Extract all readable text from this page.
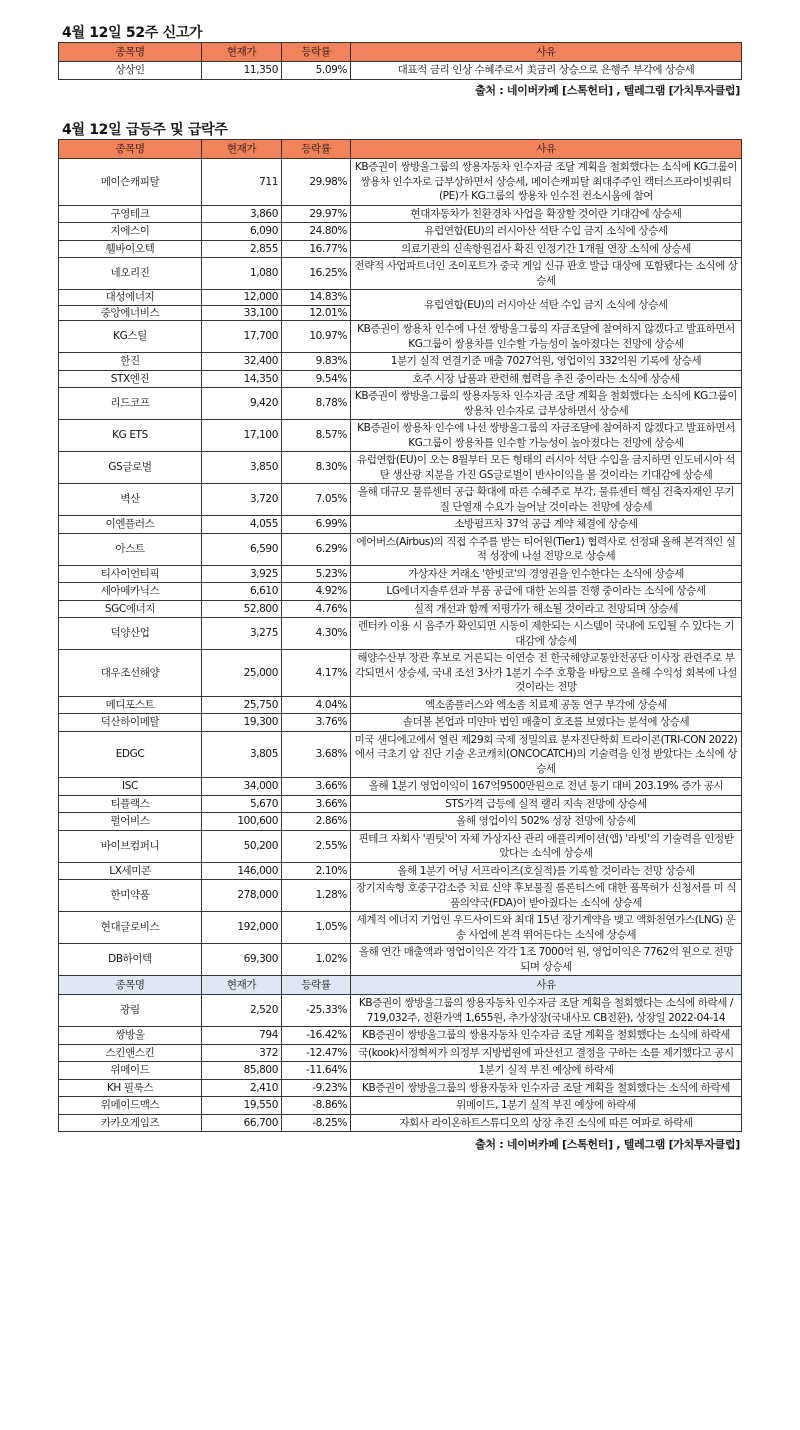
4월 12일 52주 신고가
종목명	현재가	등락률	사유
상상인	11,350	5.09%	대표적 금리 인상 수혜주로서 美금리 상승으로 은행주 부각에 상승세
출처 : 네이버카페 [스톡헌터] , 텔레그램 [가치투자클럽]
4월 12일 급등주 및 급락주
종목명	현재가	등락률	사유
메이슨캐피탈	711	29.98%	KB증권이 쌍방울그룹의 쌍용자동차 인수자금 조달 계획을 철회했다는 소식에 KG그룹이 쌍용차 인수자로 급부상하면서 상승세, 메이슨캐피탈 최대주주인 캑터스프라이빗쿼티(PE)가 KG그룹의 쌍용차 인수전 컨소시움에 참여
구영테크	3,860	29.97%	현대자동차가 친환경차 사업을 확장할 것이란 기대감에 상승세
지에스이	6,090	24.80%	유럽연합(EU)의 러시아산 석탄 수입 금지 소식에 상승세
휄바이오텍	2,855	16.77%	의료기관의 신속항원검사 확진 인정기간 1개월 연장 소식에 상승세
네오리진	1,080	16.25%	전략적 사업파트너인 조이포트가 중국 게임 신규 판호 발급 대상에 포함됐다는 소식에 상승세
대성에너지	12,000	14.83%	유럽연합(EU)의 러시아산 석탄 수입 금지 소식에 상승세
중앙에너비스	33,100	12.01%	
KG스틸	17,700	10.97%	KB증권이 쌍용차 인수에 나선 쌍방울그룹의 자금조달에 참여하지 않겠다고 발표하면서 KG그룹이 쌍용차를 인수할 가능성이 높아졌다는 전망에 상승세
한진	32,400	9.83%	1분기 실적 연결기준 매출 7027억원, 영업이익 332억원 기록에 상승세
STX엔진	14,350	9.54%	호주 시장 납품과 관련해 협력을 추진 중이라는 소식에 상승세
리드코프	9,420	8.78%	KB증권이 쌍방울그룹의 쌍용자동차 인수자금 조달 계획을 철회했다는 소식에 KG그룹이 쌍용차 인수자로 급부상하면서 상승세
KG ETS	17,100	8.57%	KB증권이 쌍용차 인수에 나선 쌍방울그룹의 자금조달에 참여하지 않겠다고 발표하면서 KG그룹이 쌍용차를 인수할 가능성이 높아졌다는 전망에 상승세
GS글로벌	3,850	8.30%	유럽연합(EU)이 오는 8월부터 모든 형태의 러시아 석탄 수입을 금지하면 인도네시아 석탄 생산광 지분을 가진 GS글로벌이 반사이익을 볼 것이라는 기대감에 상승세
벽산	3,720	7.05%	올해 대규모 물류센터 공급 확대에 따른 수혜주로 부각, 물류센터 핵심 건축자재인 무기질 단열재 수요가 늘어날 것이라는 전망에 상승세
이엔플러스	4,055	6.99%	소방펌프차 37억 공급 계약 체결에 상승세
아스트	6,590	6.29%	에어버스(Airbus)의 직접 수주를 받는 티어원(Tier1) 협력사로 선정돼 올해 본격적인 실적 성장에 나설 전망으로 상승세
티사이언티픽	3,925	5.23%	가상자산 거래소 '한빗코'의 경영권을 인수한다는 소식에 상승세
세아메카닉스	6,610	4.92%	LG에너지솔루션과 부품 공급에 대한 논의를 진행 중이라는 소식에 상승세
SGC에너지	52,800	4.76%	실적 개선과 함께 저평가가 해소될 것이라고 전망되며 상승세
덕양산업	3,275	4.30%	렌터카 이용 시 음주가 확인되면 시동이 제한되는 시스템이 국내에 도입될 수 있다는 기대감에 상승세
대우조선해양	25,000	4.17%	해양수산부 장관 후보로 거론되는 이연승 전 한국해양교통안전공단 이사장 관련주로 부각되면서 상승세, 국내 조선 3사가 1분기 수주 호황을 바탕으로 올해 수익성 회복에 나설 것이라는 전망
메디포스트	25,750	4.04%	엑소좀플러스와 엑소좀 치료제 공동 연구 부각에 상승세
덕산하이메탈	19,300	3.76%	솔더볼 본업과 미얀마 법인 매출이 호조를 보였다는 분석에 상승세
EDGC	3,805	3.68%	미국 샌디에고에서 열린 제29회 국제 정밀의료 분자진단학회 트라이콘(TRI-CON 2022)에서 극초기 암 진단 기술 온코캐치(ONCOCATCH)의 기술력을 인정 받았다는 소식에 상승세
ISC	34,000	3.66%	올해 1분기 영업이익이 167억9500만원으로 전년 동기 대비 203.19% 증가 공시
티플랙스	5,670	3.66%	STS가격 급등에 실적 랠리 지속 전망에 상승세
펄어비스	100,600	2.86%	올해 영업이익 502% 성장 전망에 상승세
바이브컴퍼니	50,200	2.55%	핀테크 자회사 '퀀팃'이 자체 가상자산 관리 애플리케이션(앱) '라빗'의 기술력을 인정받았다는 소식에 상승세
LX세미콘	146,000	2.10%	올해 1분기 어닝 서프라이즈(호실적)를 기록할 것이라는 전망 상승세
한미약품	278,000	1.28%	장기지속형 호중구감소증 치료 신약 후보물질 롤론티스에 대한 품목허가 신청서를 미 식품의약국(FDA)이 받아줬다는 소식에 상승세
현대글로비스	192,000	1.05%	세계적 에너지 기업인 우드사이드와 최대 15년 장기계약을 맺고 액화천연가스(LNG) 운송 사업에 본격 뛰어든다는 소식에 상승세
DB하이텍	69,300	1.02%	올해 연간 매출액과 영업이익은 각각 1조 7000억 원, 영업이익은 7762억 원으로 전망되며 상승세
종목명	현재가	등락률	사유
광림	2,520	-25.33%	KB증권이 쌍방울그룹의 쌍용자동차 인수자금 조달 계획을 철회했다는 소식에 하락세 / 719,032주, 전환가액 1,655원, 추가상장(국내사모 CB전환), 상장일 2022-04-14
쌍방울	794	-16.42%	KB증권이 쌍방울그룹의 쌍용자동차 인수자금 조달 계획을 철회했다는 소식에 하락세
스킨앤스킨	372	-12.47%	국(kook)서정혁씨가 의정부 지방법원에 파산선고 결정을 구하는 소를 제기했다고 공시
위메이드	85,800	-11.64%	1분기 실적 부진 예상에 하락세
KH 필룩스	2,410	-9.23%	KB증권이 쌍방울그룹의 쌍용자동차 인수자금 조달 계획을 철회했다는 소식에 하락세
위메이드맥스	19,550	-8.86%	위메이드, 1분기 실적 부진 예상에 하락세
카카오게임즈	66,700	-8.25%	자회사 라이온하트스튜디오의 상장 추진 소식에 따른 여파로 하락세
출처 : 네이버카페 [스톡헌터] , 텔레그램 [가치투자클럽]
